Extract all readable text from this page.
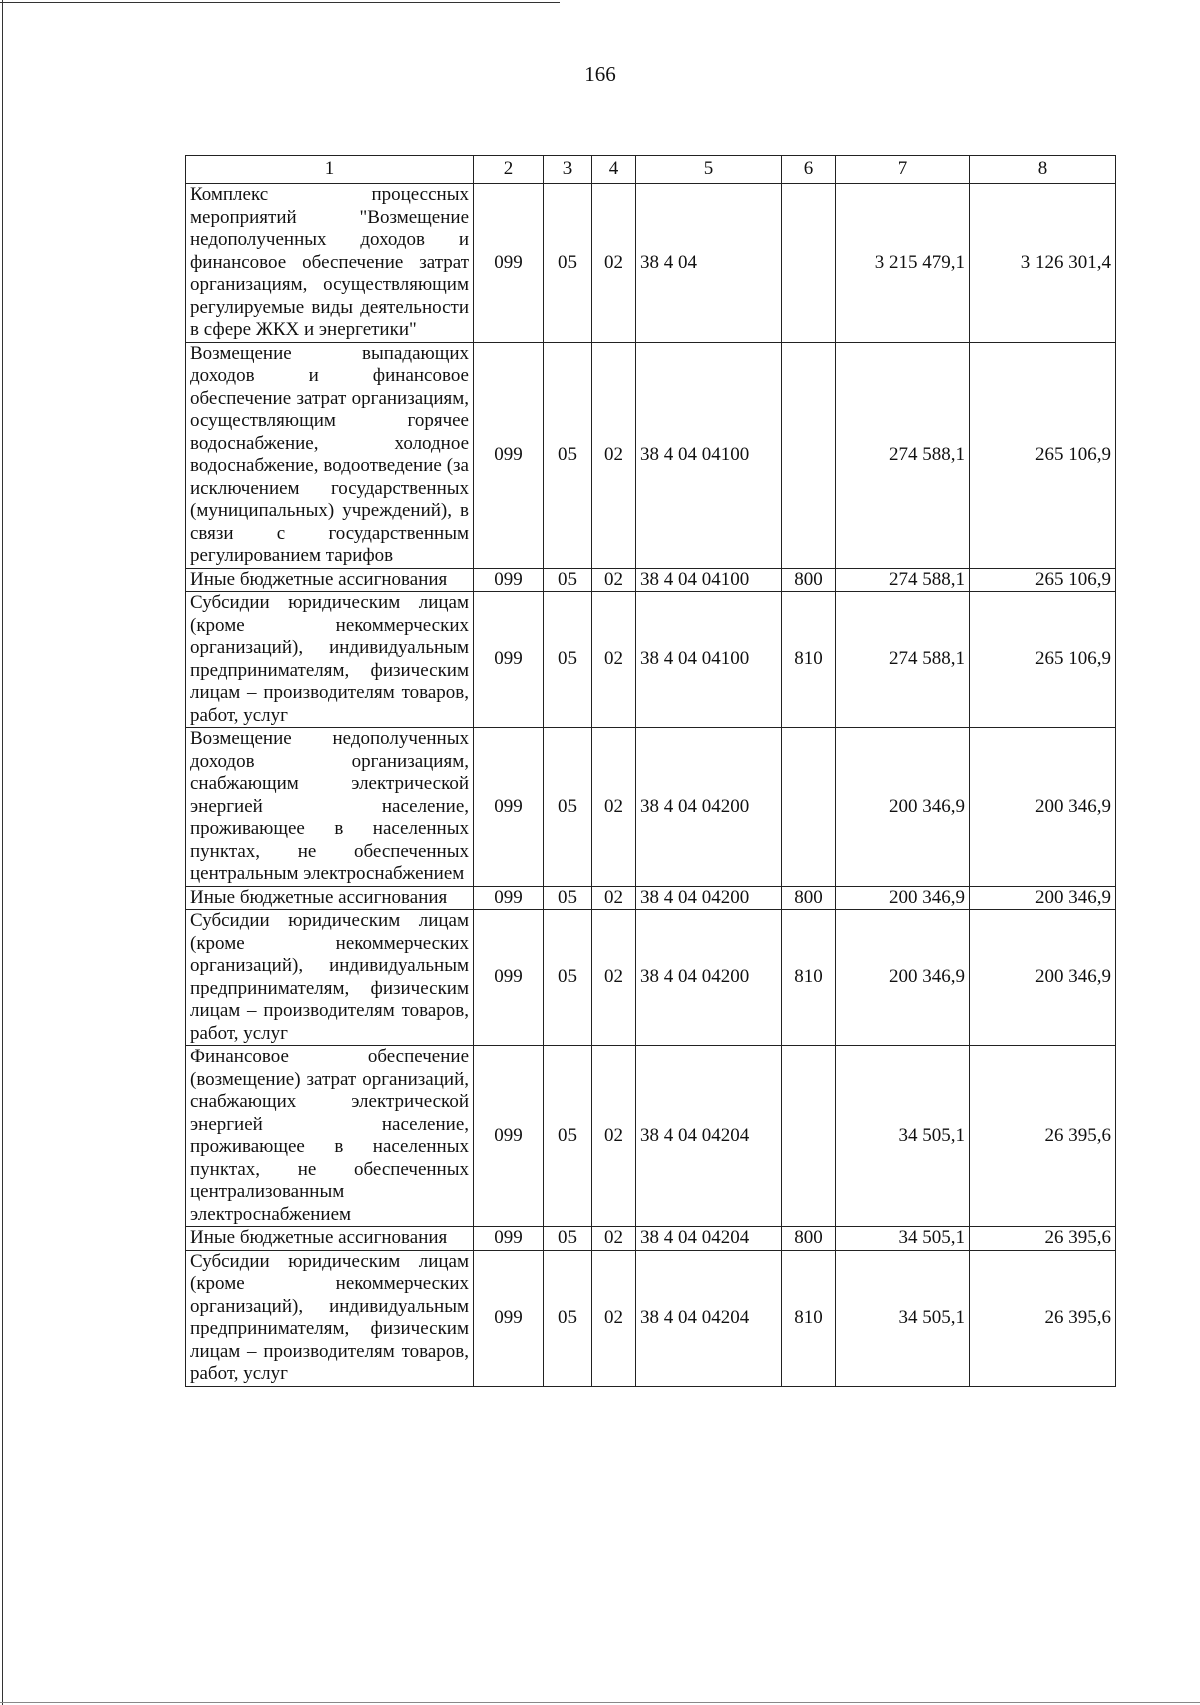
166
1	2	3	4	5	6	7	8
Комплекс процессных мероприятий "Возмещение недополученных доходов и финансовое обеспечение затрат организациям, осуществляющим регулируемые виды деятельности в сфере ЖКХ и энергетики"	099	05	02	38 4 04		3 215 479,1	3 126 301,4
Возмещение выпадающих доходов и финансовое обеспечение затрат организациям, осуществляющим горячее водоснабжение, холодное водоснабжение, водоотведение (за исключением государственных (муниципальных) учреждений), в связи с государственным регулированием тарифов	099	05	02	38 4 04 04100		274 588,1	265 106,9
Иные бюджетные ассигнования	099	05	02	38 4 04 04100	800	274 588,1	265 106,9
Субсидии юридическим лицам (кроме некоммерческих организаций), индивидуальным предпринимателям, физическим лицам – производителям товаров, работ, услуг	099	05	02	38 4 04 04100	810	274 588,1	265 106,9
Возмещение недополученных доходов организациям, снабжающим электрической энергией население, проживающее в населенных пунктах, не обеспеченных центральным электроснабжением	099	05	02	38 4 04 04200		200 346,9	200 346,9
Иные бюджетные ассигнования	099	05	02	38 4 04 04200	800	200 346,9	200 346,9
Субсидии юридическим лицам (кроме некоммерческих организаций), индивидуальным предпринимателям, физическим лицам – производителям товаров, работ, услуг	099	05	02	38 4 04 04200	810	200 346,9	200 346,9
Финансовое обеспечение (возмещение) затрат организаций, снабжающих электрической энергией население, проживающее в населенных пунктах, не обеспеченных централизованным электроснабжением	099	05	02	38 4 04 04204		34 505,1	26 395,6
Иные бюджетные ассигнования	099	05	02	38 4 04 04204	800	34 505,1	26 395,6
Субсидии юридическим лицам (кроме некоммерческих организаций), индивидуальным предпринимателям, физическим лицам – производителям товаров, работ, услуг	099	05	02	38 4 04 04204	810	34 505,1	26 395,6
